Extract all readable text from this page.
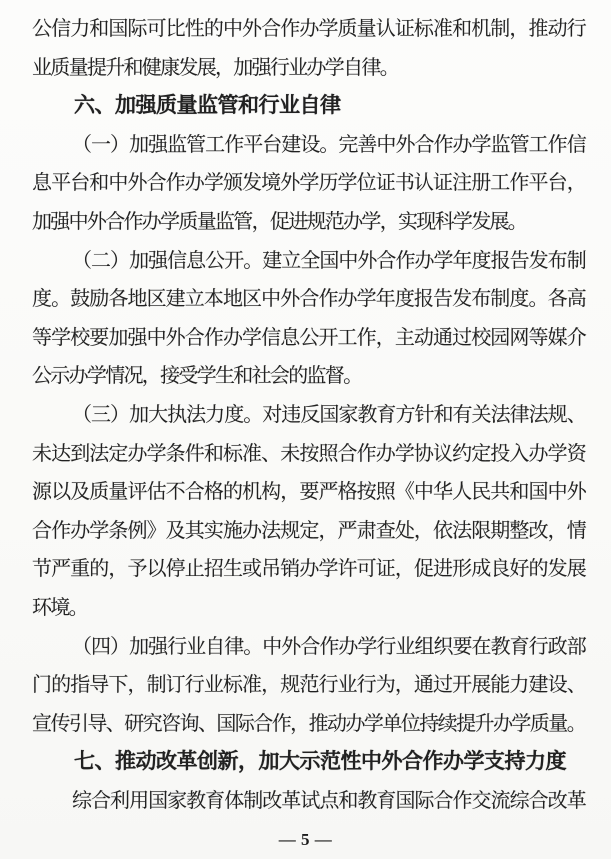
公信力和国际可比性的中外合作办学质量认证标准和机制，推动行
业质量提升和健康发展，加强行业办学自律。
六、加强质量监管和行业自律
（一）加强监管工作平台建设。完善中外合作办学监管工作信
息平台和中外合作办学颁发境外学历学位证书认证注册工作平台，
加强中外合作办学质量监管，促进规范办学，实现科学发展。
（二）加强信息公开。建立全国中外合作办学年度报告发布制
度。鼓励各地区建立本地区中外合作办学年度报告发布制度。各高
等学校要加强中外合作办学信息公开工作，主动通过校园网等媒介
公示办学情况，接受学生和社会的监督。
（三）加大执法力度。对违反国家教育方针和有关法律法规、
未达到法定办学条件和标准、未按照合作办学协议约定投入办学资
源以及质量评估不合格的机构，要严格按照《中华人民共和国中外
合作办学条例》及其实施办法规定，严肃查处，依法限期整改，情
节严重的，予以停止招生或吊销办学许可证，促进形成良好的发展
环境。
（四）加强行业自律。中外合作办学行业组织要在教育行政部
门的指导下，制订行业标准，规范行业行为，通过开展能力建设、
宣传引导、研究咨询、国际合作，推动办学单位持续提升办学质量。
七、推动改革创新，加大示范性中外合作办学支持力度
综合利用国家教育体制改革试点和教育国际合作交流综合改革
— 5 —
